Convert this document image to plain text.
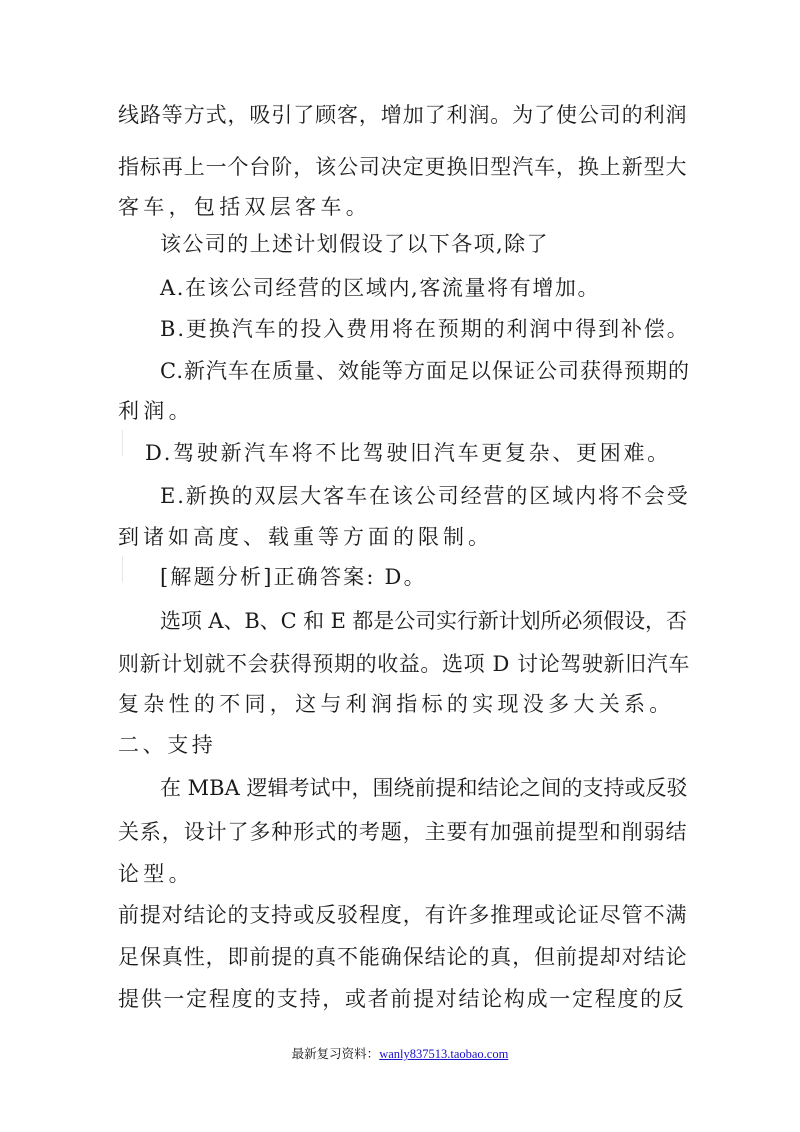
线路等方式，吸引了顾客，增加了利润。为了使公司的利润
指标再上一个台阶，该公司决定更换旧型汽车，换上新型大
客车，包括双层客车。
该公司的上述计划假设了以下各项,除了
A.在该公司经营的区域内,客流量将有增加。
B.更换汽车的投入费用将在预期的利润中得到补偿。
C.新汽车在质量、效能等方面足以保证公司获得预期的
利润。
D.驾驶新汽车将不比驾驶旧汽车更复杂、更困难。
E.新换的双层大客车在该公司经营的区域内将不会受
到诸如高度、载重等方面的限制。
[解题分析]正确答案: D。
选项 A、B、C 和 E 都是公司实行新计划所必须假设，否
则新计划就不会获得预期的收益。选项 D 讨论驾驶新旧汽车
复杂性的不同，这与利润指标的实现没多大关系。
二、支持
在 MBA 逻辑考试中，围绕前提和结论之间的支持或反驳
关系，设计了多种形式的考题，主要有加强前提型和削弱结
论型。
前提对结论的支持或反驳程度，有许多推理或论证尽管不满
足保真性，即前提的真不能确保结论的真，但前提却对结论
提供一定程度的支持，或者前提对结论构成一定程度的反
最新复习资料：wanly837513.taobao.com
